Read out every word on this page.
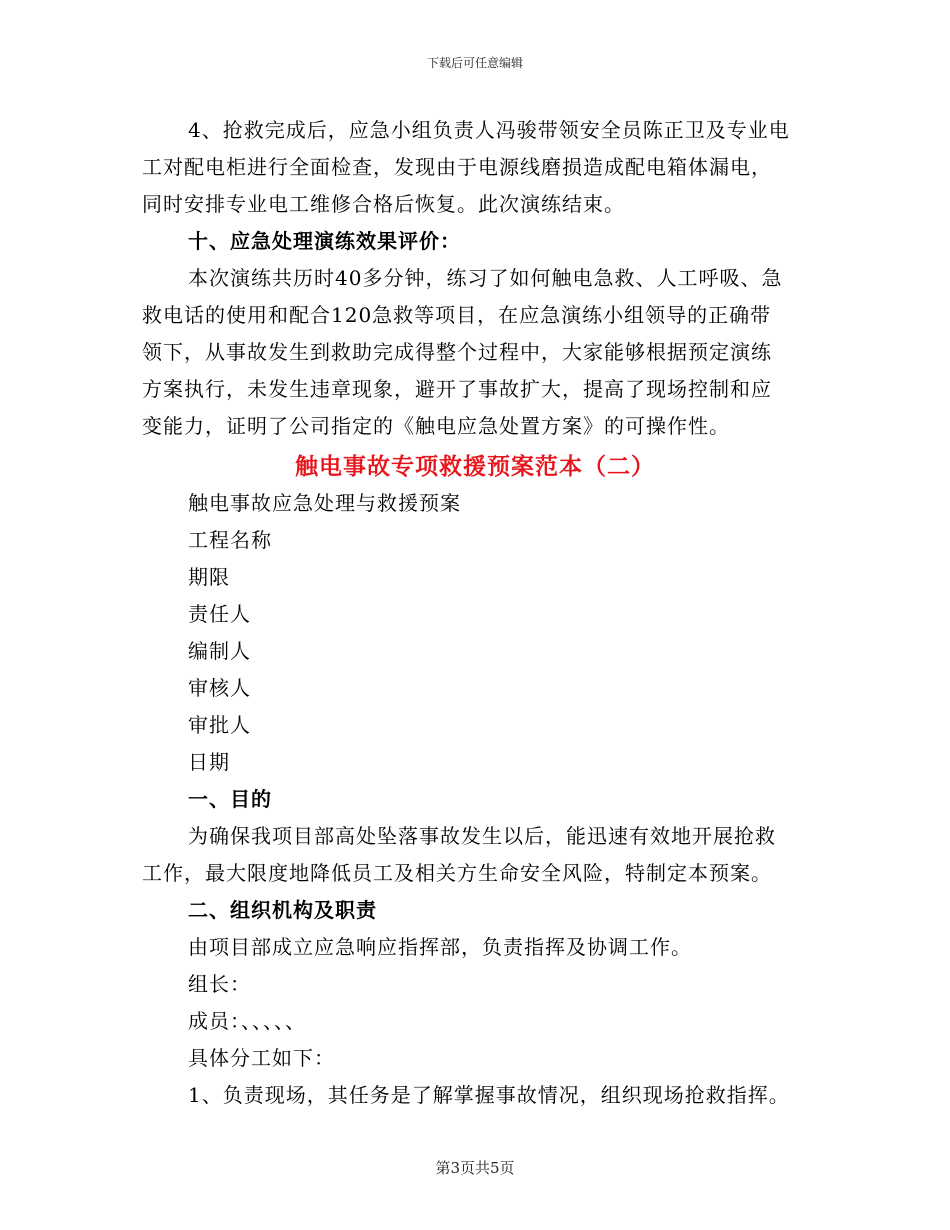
下载后可任意编辑
4、抢救完成后，应急小组负责人冯骏带领安全员陈正卫及专业电
工对配电柜进行全面检查，发现由于电源线磨损造成配电箱体漏电，
同时安排专业电工维修合格后恢复。此次演练结束。
十、应急处理演练效果评价：
本次演练共历时40多分钟，练习了如何触电急救、人工呼吸、急
救电话的使用和配合120急救等项目，在应急演练小组领导的正确带
领下，从事故发生到救助完成得整个过程中，大家能够根据预定演练
方案执行，未发生违章现象，避开了事故扩大，提高了现场控制和应
变能力，证明了公司指定的《触电应急处置方案》的可操作性。
触电事故专项救援预案范本（二）
触电事故应急处理与救援预案
工程名称
期限
责任人
编制人
审核人
审批人
日期
一、目的
为确保我项目部高处坠落事故发生以后，能迅速有效地开展抢救
工作，最大限度地降低员工及相关方生命安全风险，特制定本预案。
二、组织机构及职责
由项目部成立应急响应指挥部，负责指挥及协调工作。
组长：
成员：、、、、、
具体分工如下：
1、负责现场，其任务是了解掌握事故情况，组织现场抢救指挥。
第3页共5页
